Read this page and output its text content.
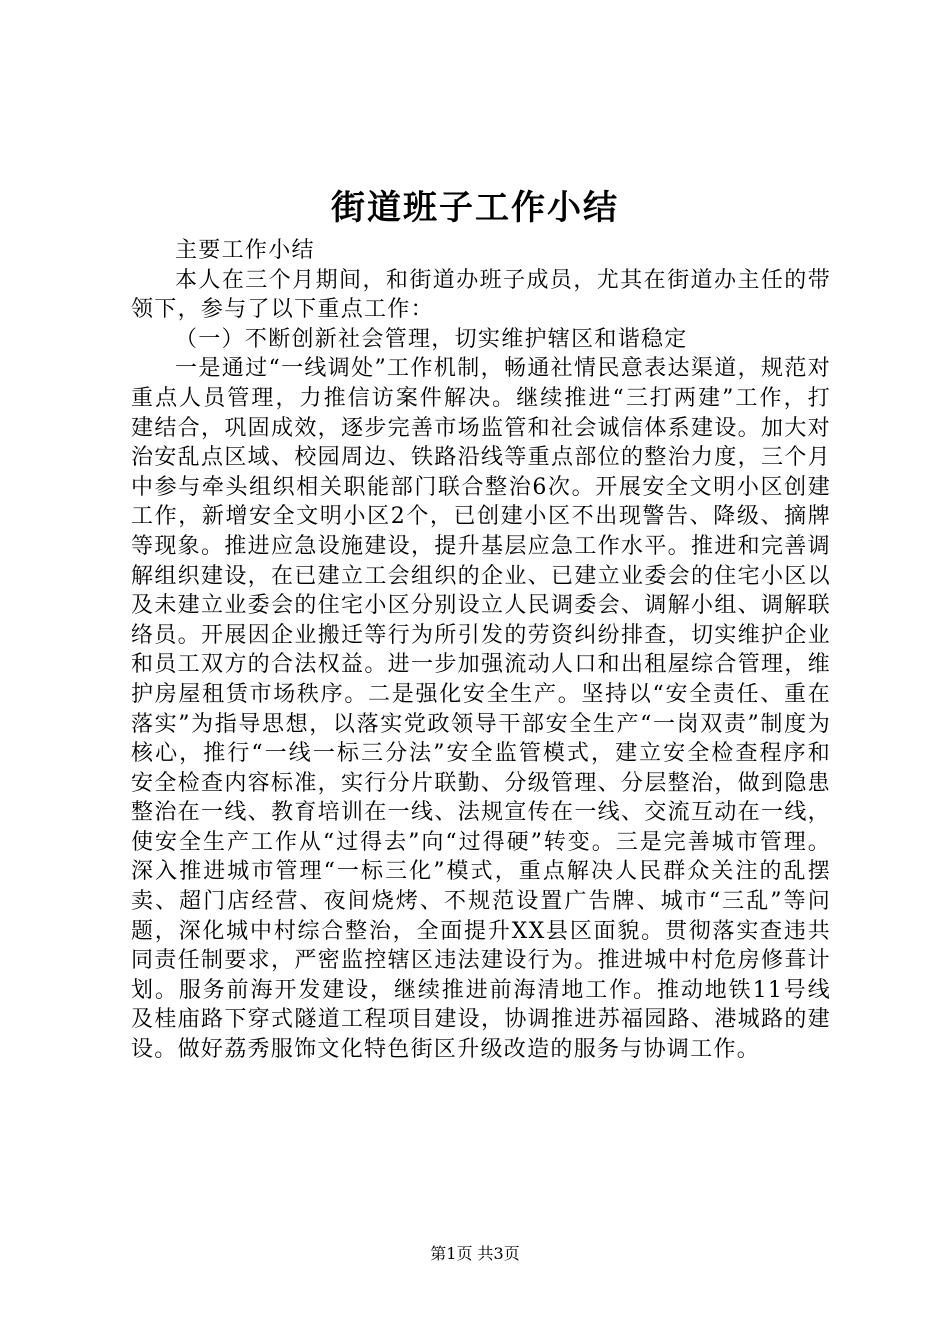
街道班子工作小结

主要工作小结

本人在三个月期间，和街道办班子成员，尤其在街道办主任的带领下，参与了以下重点工作：

（一）不断创新社会管理，切实维护辖区和谐稳定

一是通过“一线调处”工作机制，畅通社情民意表达渠道，规范对重点人员管理，力推信访案件解决。继续推进“三打两建”工作，打建结合，巩固成效，逐步完善市场监管和社会诚信体系建设。加大对治安乱点区域、校园周边、铁路沿线等重点部位的整治力度，三个月中参与牵头组织相关职能部门联合整治6次。开展安全文明小区创建工作，新增安全文明小区2个，已创建小区不出现警告、降级、摘牌等现象。推进应急设施建设，提升基层应急工作水平。推进和完善调解组织建设，在已建立工会组织的企业、已建立业委会的住宅小区以及未建立业委会的住宅小区分别设立人民调委会、调解小组、调解联络员。开展因企业搬迁等行为所引发的劳资纠纷排查，切实维护企业和员工双方的合法权益。进一步加强流动人口和出租屋综合管理，维护房屋租赁市场秩序。二是强化安全生产。坚持以“安全责任、重在落实”为指导思想，以落实党政领导干部安全生产“一岗双责”制度为核心，推行“一线一标三分法”安全监管模式，建立安全检查程序和安全检查内容标准，实行分片联勤、分级管理、分层整治，做到隐患整治在一线、教育培训在一线、法规宣传在一线、交流互动在一线，使安全生产工作从“过得去”向“过得硬”转变。三是完善城市管理。深入推进城市管理“一标三化”模式，重点解决人民群众关注的乱摆卖、超门店经营、夜间烧烤、不规范设置广告牌、城市“三乱”等问题，深化城中村综合整治，全面提升XX县区面貌。贯彻落实查违共同责任制要求，严密监控辖区违法建设行为。推进城中村危房修葺计划。服务前海开发建设，继续推进前海清地工作。推动地铁11号线及桂庙路下穿式隧道工程项目建设，协调推进苏福园路、港城路的建设。做好荔秀服饰文化特色街区升级改造的服务与协调工作。

第1页 共3页
